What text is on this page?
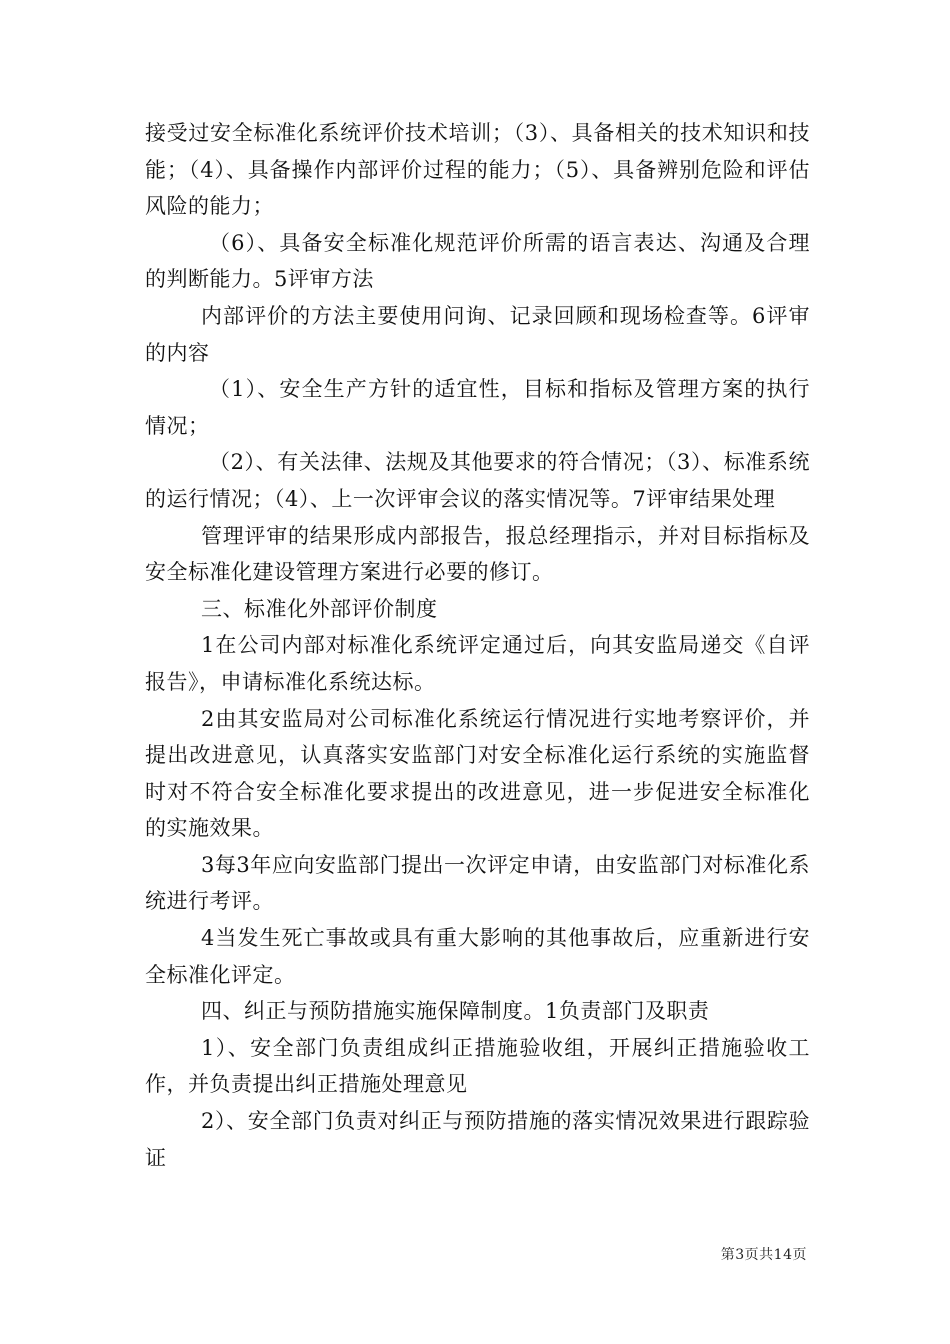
接受过安全标准化系统评价技术培训；（3）、具备相关的技术知识和技能；（4）、具备操作内部评价过程的能力；（5）、具备辨别危险和评估风险的能力；

（6）、具备安全标准化规范评价所需的语言表达、沟通及合理的判断能力。5评审方法

内部评价的方法主要使用问询、记录回顾和现场检查等。6评审的内容

（1）、安全生产方针的适宜性，目标和指标及管理方案的执行情况；

（2）、有关法律、法规及其他要求的符合情况；（3）、标准系统的运行情况；（4）、上一次评审会议的落实情况等。7评审结果处理

管理评审的结果形成内部报告，报总经理指示，并对目标指标及安全标准化建设管理方案进行必要的修订。

三、标准化外部评价制度

1在公司内部对标准化系统评定通过后，向其安监局递交《自评报告》，申请标准化系统达标。

2由其安监局对公司标准化系统运行情况进行实地考察评价，并提出改进意见，认真落实安监部门对安全标准化运行系统的实施监督时对不符合安全标准化要求提出的改进意见，进一步促进安全标准化的实施效果。

3每3年应向安监部门提出一次评定申请，由安监部门对标准化系统进行考评。

4当发生死亡事故或具有重大影响的其他事故后，应重新进行安全标准化评定。

四、纠正与预防措施实施保障制度。1负责部门及职责

1）、安全部门负责组成纠正措施验收组，开展纠正措施验收工作，并负责提出纠正措施处理意见

2）、安全部门负责对纠正与预防措施的落实情况效果进行跟踪验证

第3页共14页
